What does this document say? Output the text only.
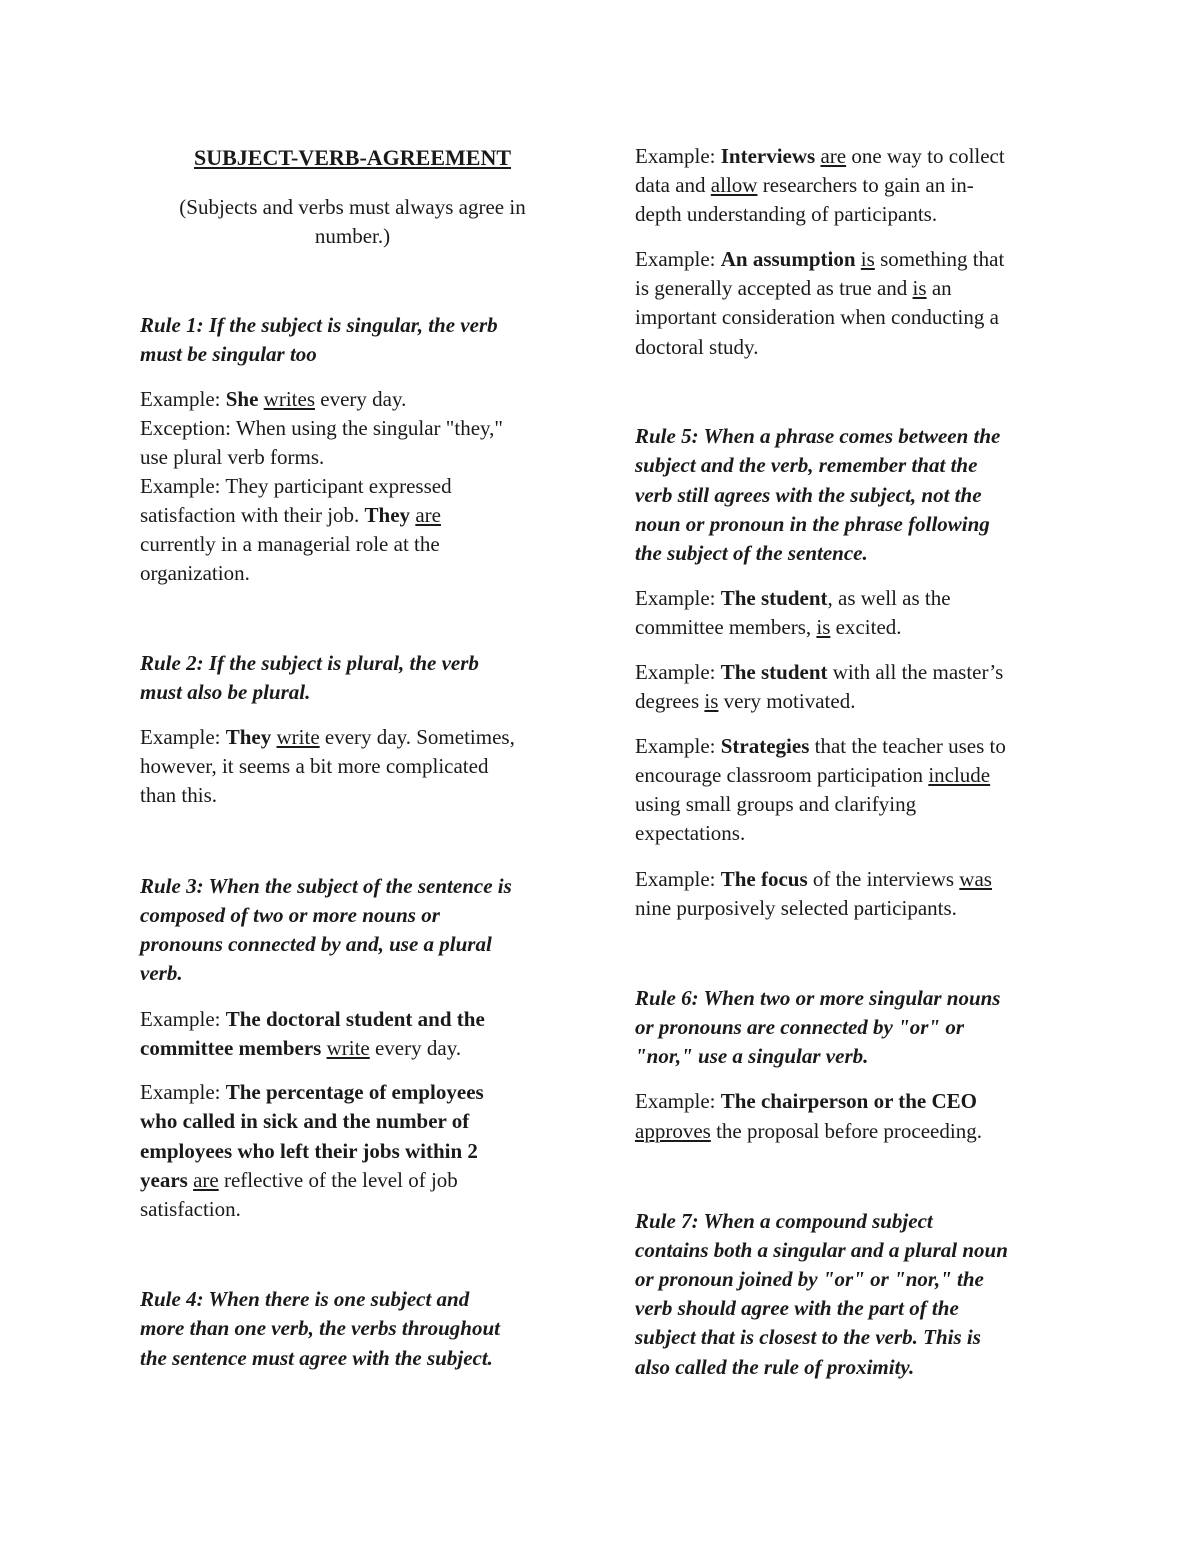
SUBJECT-VERB-AGREEMENT
(Subjects and verbs must always agree in
number.)
Rule 1: If the subject is singular, the verb
must be singular too
Example: She writes every day.
Exception: When using the singular "they,"
use plural verb forms.
Example: They participant expressed
satisfaction with their job. They are
currently in a managerial role at the
organization.
Rule 2: If the subject is plural, the verb
must also be plural.
Example: They write every day. Sometimes,
however, it seems a bit more complicated
than this.
Rule 3: When the subject of the sentence is
composed of two or more nouns or
pronouns connected by and, use a plural
verb.
Example: The doctoral student and the
committee members write every day.
Example: The percentage of employees
who called in sick and the number of
employees who left their jobs within 2
years are reflective of the level of job
satisfaction.
Rule 4: When there is one subject and
more than one verb, the verbs throughout
the sentence must agree with the subject.
Example: Interviews are one way to collect
data and allow researchers to gain an in-
depth understanding of participants.
Example: An assumption is something that
is generally accepted as true and is an
important consideration when conducting a
doctoral study.
Rule 5: When a phrase comes between the
subject and the verb, remember that the
verb still agrees with the subject, not the
noun or pronoun in the phrase following
the subject of the sentence.
Example: The student, as well as the
committee members, is excited.
Example: The student with all the master’s
degrees is very motivated.
Example: Strategies that the teacher uses to
encourage classroom participation include
using small groups and clarifying
expectations.
Example: The focus of the interviews was
nine purposively selected participants.
Rule 6: When two or more singular nouns
or pronouns are connected by "or" or
"nor," use a singular verb.
Example: The chairperson or the CEO
approves the proposal before proceeding.
Rule 7: When a compound subject
contains both a singular and a plural noun
or pronoun joined by "or" or "nor," the
verb should agree with the part of the
subject that is closest to the verb. This is
also called the rule of proximity.
